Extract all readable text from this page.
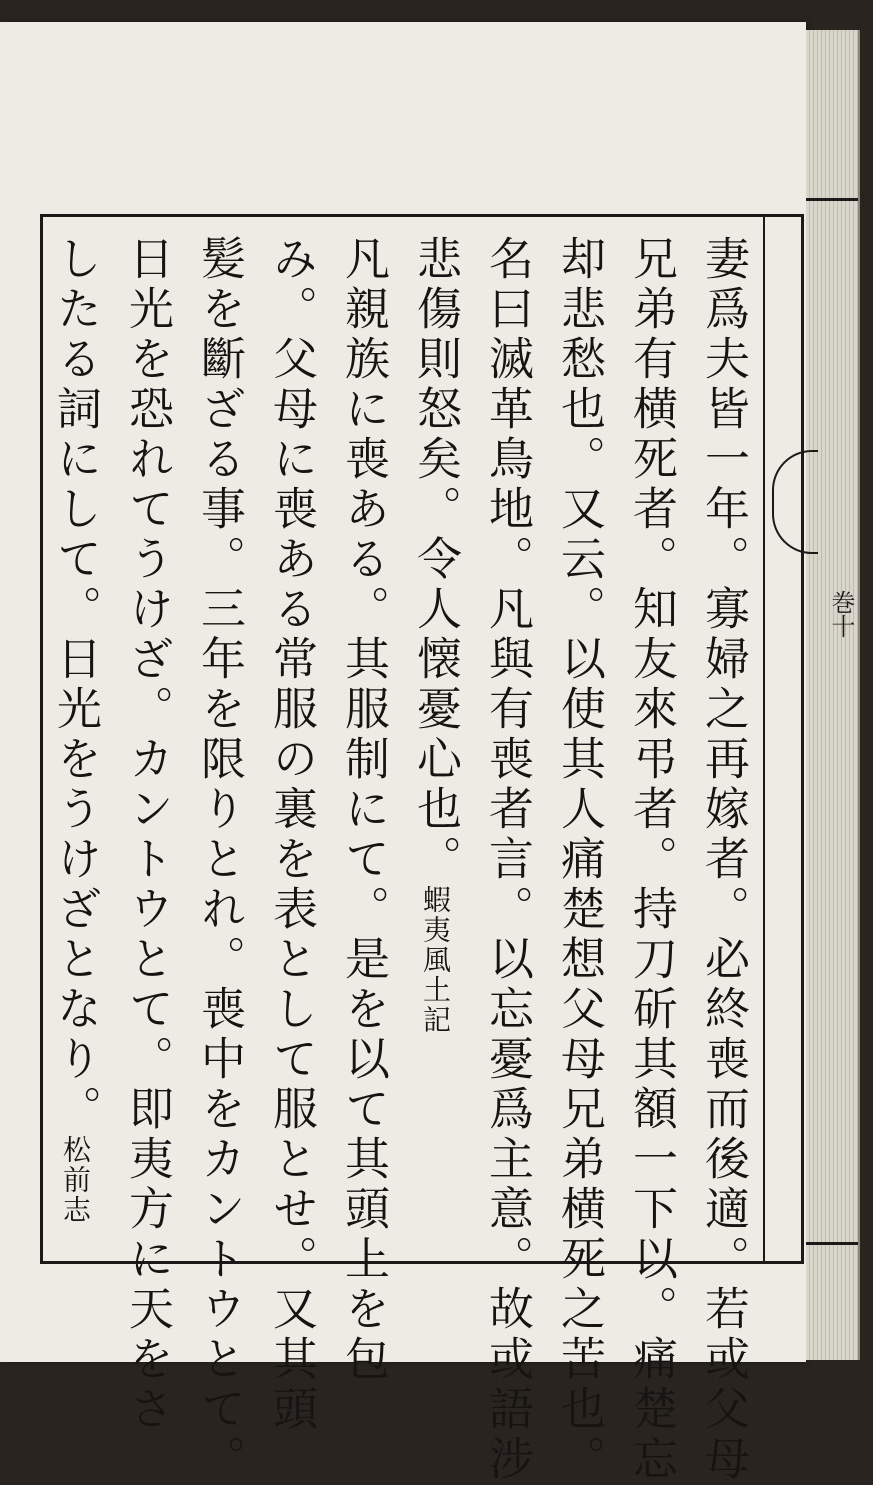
妻爲夫皆一年。寡婦之再嫁者。必終喪而後適。若或父母

兄弟有横死者。知友來弔者。持刀斫其額一下以。痛楚忘

却悲愁也。又云。以使其人痛楚想父母兄弟横死之苦也。

名曰滅革鳥地。凡與有喪者言。以忘憂爲主意。故或語涉

悲傷則怒矣。令人懐憂心也。蝦夷風土記

凡親族に喪ある。其服制にて。是を以て其頭上を包

み。父母に喪ある常服の裏を表として服とせ。又其頭

髪を斷ざる事。三年を限りとれ。喪中をカントウとて。

日光を恐れてうけざ。カントウとて。即夷方に天をさ

したる詞にして。日光をうけざとなり。松前志

巻十
